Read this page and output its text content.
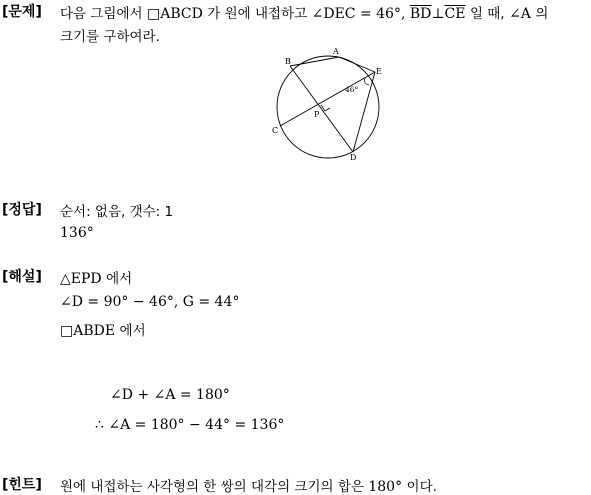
[문제] 다음 그림에서 □ABCD 가 원에 내접하고 ∠DEC = 46°, $\overline{BD}\perp\overline{CE}$ 일 때, ∠A 의
크기를 구하여라.
A
B
C
D
E
P
46°
[정답] 순서: 없음, 갯수: 1
136°
[해설] △EPD 에서
∠D = 90° − 46°, G = 44°
□ABDE 에서
∠D + ∠A = 180°
∴ ∠A = 180° − 44° = 136°
[힌트] 원에 내접하는 사각형의 한 쌍의 대각의 크기의 합은 180° 이다.
